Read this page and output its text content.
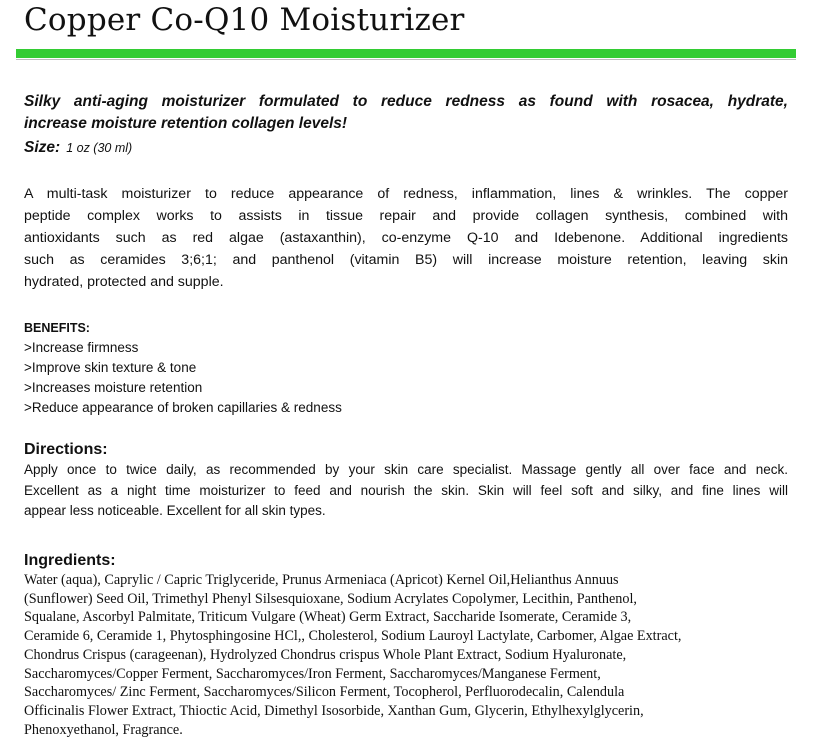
Copper Co-Q10 Moisturizer
Silky anti-aging moisturizer formulated to reduce redness as found with rosacea, hydrate,
increase moisture retention collagen levels!
Size: 1 oz (30 ml)
A multi-task moisturizer to reduce appearance of redness, inflammation, lines & wrinkles. The copper
peptide complex works to assists in tissue repair and provide collagen synthesis, combined with
antioxidants such as red algae (astaxanthin), co-enzyme Q-10 and Idebenone. Additional ingredients
such as ceramides 3;6;1; and panthenol (vitamin B5) will increase moisture retention, leaving skin
hydrated, protected and supple.
BENEFITS:
>Increase firmness
>Improve skin texture & tone
>Increases moisture retention
>Reduce appearance of broken capillaries & redness
Directions:
Apply once to twice daily, as recommended by your skin care specialist. Massage gently all over face and neck.
Excellent as a night time moisturizer to feed and nourish the skin. Skin will feel soft and silky, and fine lines will
appear less noticeable. Excellent for all skin types.
Ingredients:
Water (aqua), Caprylic / Capric Triglyceride, Prunus Armeniaca (Apricot) Kernel Oil,Helianthus Annuus
(Sunflower) Seed Oil, Trimethyl Phenyl Silsesquioxane, Sodium Acrylates Copolymer, Lecithin, Panthenol,
Squalane, Ascorbyl Palmitate, Triticum Vulgare (Wheat) Germ Extract, Saccharide Isomerate, Ceramide 3,
Ceramide 6, Ceramide 1, Phytosphingosine HCl,, Cholesterol, Sodium Lauroyl Lactylate, Carbomer, Algae Extract,
Chondrus Crispus (carageenan), Hydrolyzed Chondrus crispus Whole Plant Extract, Sodium Hyaluronate,
Saccharomyces/Copper Ferment, Saccharomyces/Iron Ferment, Saccharomyces/Manganese Ferment,
Saccharomyces/ Zinc Ferment, Saccharomyces/Silicon Ferment, Tocopherol, Perfluorodecalin, Calendula
Officinalis Flower Extract, Thioctic Acid, Dimethyl Isosorbide, Xanthan Gum, Glycerin, Ethylhexylglycerin,
Phenoxyethanol, Fragrance.
